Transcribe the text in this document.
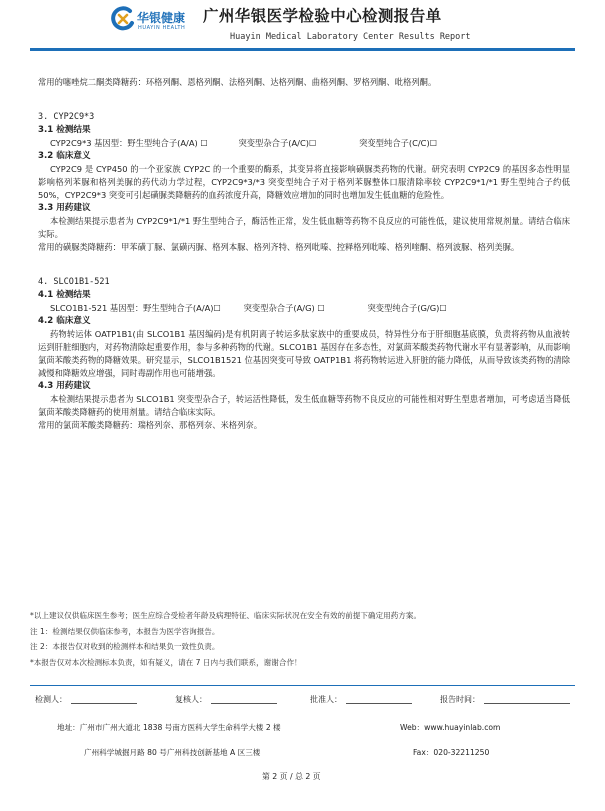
华银健康
HUAYIN HEALTH
广州华银医学检验中心检测报告单
Huayin Medical Laboratory Center Results Report

常用的噻唑烷二酮类降糖药：环格列酮、恩格列酮、法格列酮、达格列酮、曲格列酮、罗格列酮、吡格列酮。

3. CYP2C9*3

3.1 检测结果

CYP2C9*3 基因型：野生型纯合子(A/A) ☐	突变型杂合子(A/C)☐	突变型纯合子(C/C)☐

3.2 临床意义

CYP2C9 是 CYP450 的一个亚家族 CYP2C 的一个重要的酶系，其变异将直接影响磺脲类药物的代谢。研究表明 CYP2C9 的基因多态性明显影响格列苯脲和格列美脲的药代动力学过程，CYP2C9*3/*3 突变型纯合子对于格列苯脲整体口服清除率较 CYP2C9*1/*1 野生型纯合子约低 50%，CYP2C9*3 突变可引起磺脲类降糖药的血药浓度升高，降糖效应增加的同时也增加发生低血糖的危险性。

3.3 用药建议

本检测结果提示患者为 CYP2C9*1/*1 野生型纯合子，酶活性正常，发生低血糖等药物不良反应的可能性低，建议使用常规剂量。请结合临床实际。

常用的磺脲类降糖药：甲苯磺丁脲、氯磺丙脲、格列本脲、格列齐特、格列吡嗪、控释格列吡嗪、格列喹酮、格列波脲、格列美脲。

4. SLCO1B1-521

4.1 检测结果

SLCO1B1-521 基因型：野生型纯合子(A/A)☐	突变型杂合子(A/G) ☐	突变型纯合子(G/G)☐

4.2 临床意义

药物转运体 OATP1B1(由 SLCO1B1 基因编码)是有机阴离子转运多肽家族中的重要成员，特异性分布于肝细胞基底膜，负责将药物从血液转运到肝脏细胞内，对药物清除起重要作用，参与多种药物的代谢。SLCO1B1 基因存在多态性，对氯茴苯酸类药物代谢水平有显著影响，从而影响氯茴苯酸类药物的降糖效果。研究显示，SLCO1B1521 位基因突变可导致 OATP1B1 将药物转运进入肝脏的能力降低，从而导致该类药物的清除减慢和降糖效应增强，同时毒副作用也可能增强。

4.3 用药建议

本检测结果提示患者为 SLCO1B1 突变型杂合子，转运活性降低，发生低血糖等药物不良反应的可能性相对野生型患者增加，可考虑适当降低氯茴苯酸类降糖药的使用剂量。请结合临床实际。

常用的氯茴苯酸类降糖药：瑞格列奈、那格列奈、米格列奈。

*以上建议仅供临床医生参考；医生应综合受检者年龄及病理特征、临床实际状况在安全有效的前提下确定用药方案。

注 1：检测结果仅供临床参考，本报告为医学咨询报告。

注 2：本报告仅对收到的检测样本和结果负一致性负责。

*本报告仅对本次检测标本负责，如有疑义，请在 7 日内与我们联系，谢谢合作！

检测人：	复核人：	批准人：	报告时间：
地址：广州市广州大道北 1838 号南方医科大学生命科学大楼 2 楼	Web：www.huayinlab.com
广州科学城掘月路 80 号广州科技创新基地 A 区三楼	Fax：020-32211250
第 2 页 / 总 2 页
